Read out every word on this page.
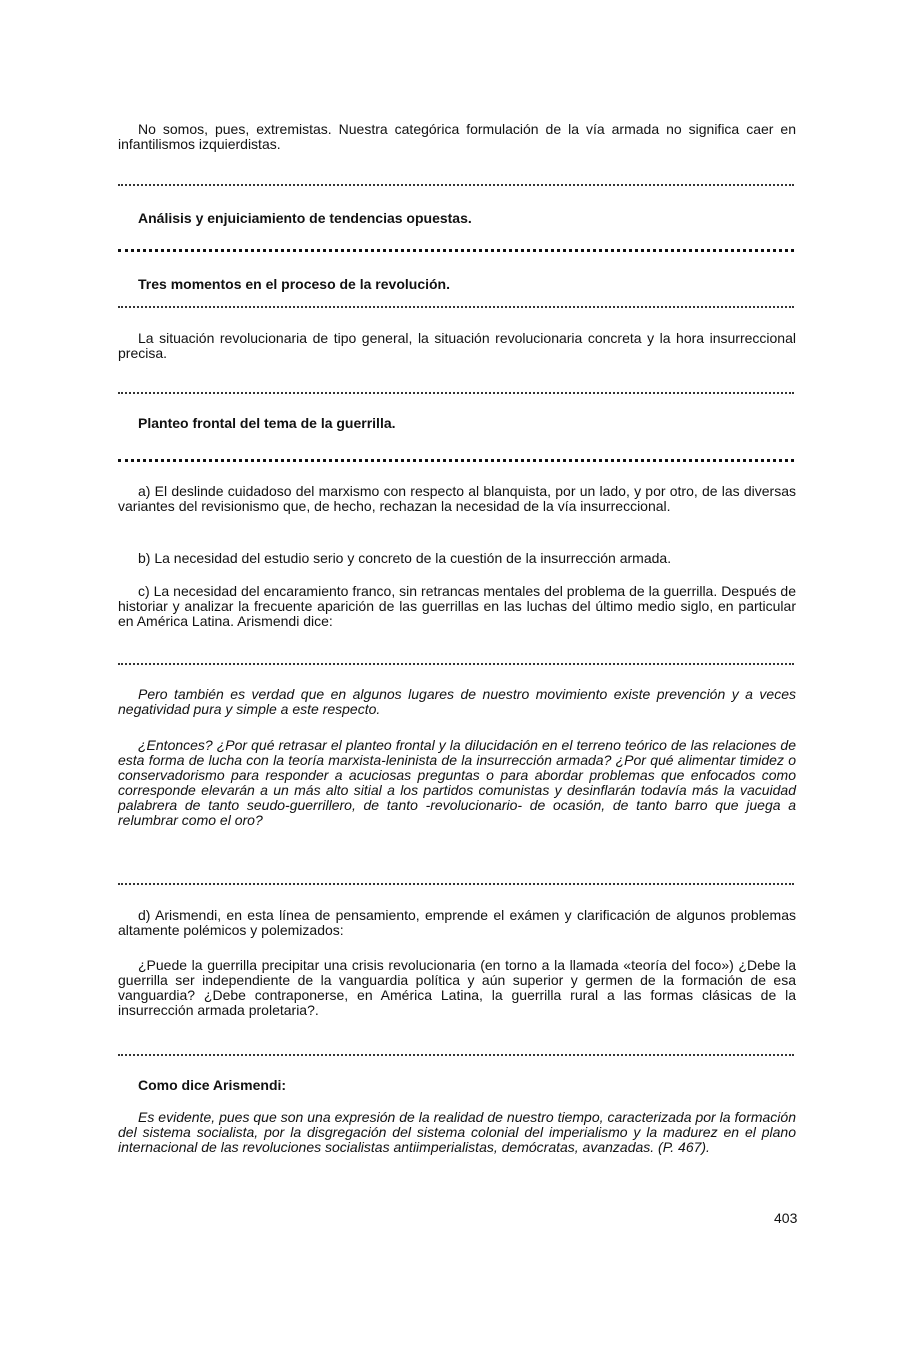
No somos, pues, extremistas. Nuestra categórica formulación de la vía armada no significa caer en infantilismos izquierdistas.
Análisis y enjuiciamiento de tendencias opuestas.
Tres momentos en el proceso de la revolución.
La situación revolucionaria de tipo general, la situación revolucionaria concreta y la hora insurreccional precisa.
Planteo frontal del tema de la guerrilla.
a) El deslinde cuidadoso del marxismo con respecto al blanquista, por un lado, y por otro, de las diversas variantes del revisionismo que, de hecho, rechazan la necesidad de la vía insurreccional.
b) La necesidad del estudio serio y concreto de la cuestión de la insurrección armada.
c) La necesidad del encaramiento franco, sin retrancas mentales del problema de la guerrilla. Después de historiar y analizar la frecuente aparición de las guerrillas en las luchas del último medio siglo, en particular en América Latina. Arismendi dice:
Pero también es verdad que en algunos lugares de nuestro movimiento existe prevención y a veces negatividad pura y simple a este respecto.
¿Entonces? ¿Por qué retrasar el planteo frontal y la dilucidación en el terreno teórico de las relaciones de esta forma de lucha con la teoría marxista-leninista de la insurrección armada? ¿Por qué alimentar timidez o conservadorismo para responder a acuciosas preguntas o para abordar problemas que enfocados como corresponde elevarán a un más alto sitial a los partidos comunistas y desinflarán todavía más la vacuidad palabrera de tanto seudo-guerrillero, de tanto -revolucionario- de ocasión, de tanto barro que juega a relumbrar como el oro?
d) Arismendi, en esta línea de pensamiento, emprende el exámen y clarificación de algunos problemas altamente polémicos y polemizados:
¿Puede la guerrilla precipitar una crisis revolucionaria (en torno a la llamada «teoría del foco») ¿Debe la guerrilla ser independiente de la vanguardia política y aún superior y germen de la formación de esa vanguardia? ¿Debe contraponerse, en América Latina, la guerrilla rural a las formas clásicas de la insurrección armada proletaria?.
Como dice Arismendi:
Es evidente, pues que son una expresión de la realidad de nuestro tiempo, caracterizada por la formación del sistema socialista, por la disgregación del sistema colonial del imperialismo y la madurez en el plano internacional de las revoluciones socialistas antiimperialistas, demócratas, avanzadas. (P. 467).
403
